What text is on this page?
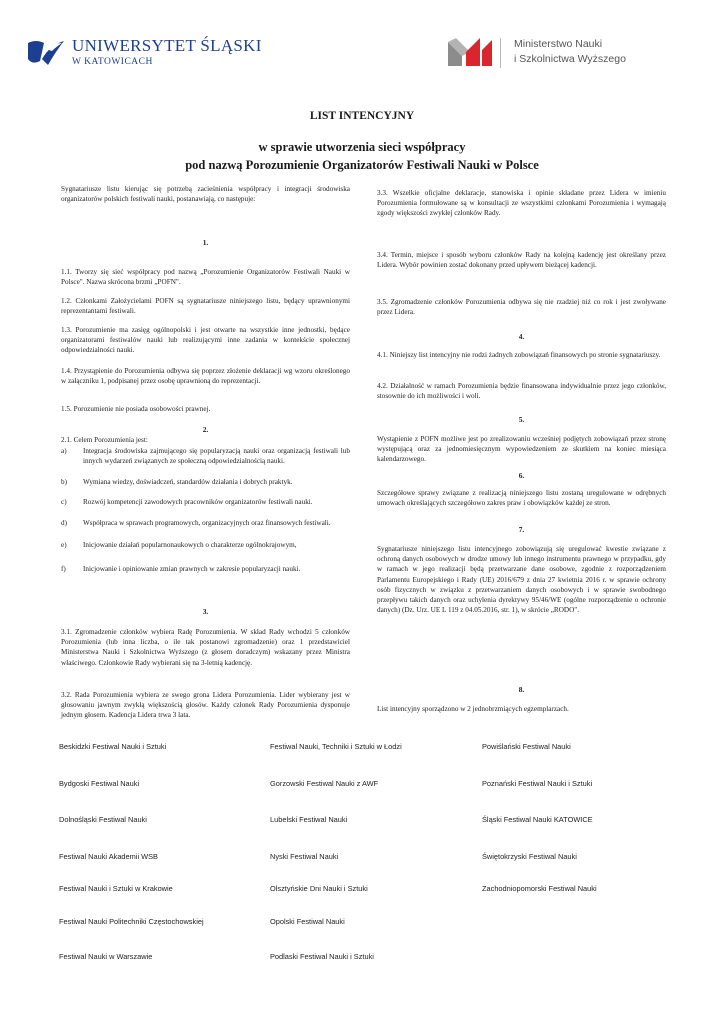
UNIWERSYTET ŚLĄSKI
W KATOWICACH
Ministerstwo Nauki
i Szkolnictwa Wyższego
LIST INTENCYJNY
w sprawie utworzenia sieci współpracy
pod nazwą Porozumienie Organizatorów Festiwali Nauki w Polsce

Sygnatariusze listu kierując się potrzebą zacieśnienia współpracy i integracji środowiska organizatorów polskich festiwali nauki, postanawiają, co następuje:

1.

1.1. Tworzy się sieć współpracy pod nazwą „Porozumienie Organizatorów Festiwali Nauki w Polsce". Nazwa skrócona brzmi „POFN".

1.2. Członkami Założycielami POFN są sygnatariusze niniejszego listu, będący uprawnionymi reprezentantami festiwali.

1.3. Porozumienie ma zasięg ogólnopolski i jest otwarte na wszystkie inne jednostki, będące organizatorami festiwalów nauki lub realizującymi inne zadania w kontekście społecznej odpowiedzialności nauki.

1.4. Przystąpienie do Porozumienia odbywa się poprzez złożenie deklaracji wg wzoru określonego w załączniku 1, podpisanej przez osobę uprawnioną do reprezentacji.

1.5. Porozumienie nie posiada osobowości prawnej.

2.

2.1. Celem Porozumienia jest:

a) Integracja środowiska zajmującego się popularyzacją nauki oraz organizacją festiwali lub innych wydarzeń związanych ze społeczną odpowiedzialnością nauki.

b) Wymiana wiedzy, doświadczeń, standardów działania i dobrych praktyk.

c) Rozwój kompetencji zawodowych pracowników organizatorów festiwali nauki.

d) Współpraca w sprawach programowych, organizacyjnych oraz finansowych festiwali.

e) Inicjowanie działań popularnonaukowych o charakterze ogólnokrajowym,

f) Inicjowanie i opiniowanie zmian prawnych w zakresie popularyzacji nauki.

3.

3.1. Zgromadzenie członków wybiera Radę Porozumienia. W skład Rady wchodzi 5 członków Porozumienia (lub inna liczba, o ile tak postanowi zgromadzenie) oraz 1 przedstawiciel Ministerstwa Nauki i Szkolnictwa Wyższego (z głosem doradczym) wskazany przez Ministra właściwego. Członkowie Rady wybierani się na 3-letnią kadencję.

3.2. Rada Porozumienia wybiera ze swego grona Lidera Porozumienia. Lider wybierany jest w głosowaniu jawnym zwykłą większością głosów. Każdy członek Rady Porozumienia dysponuje jednym głosem. Kadencja Lidera trwa 3 lata.

3.3. Wszelkie oficjalne deklaracje, stanowiska i opinie składane przez Lidera w imieniu Porozumienia formułowane są w konsultacji ze wszystkimi członkami Porozumienia i wymagają zgody większości zwykłej członków Rady.

3.4. Termin, miejsce i sposób wyboru członków Rady na kolejną kadencję jest określany przez Lidera. Wybór powinien zostać dokonany przed upływem bieżącej kadencji.

3.5. Zgromadzenie członków Porozumienia odbywa się nie rzadziej niż co rok i jest zwoływane przez Lidera.

4.

4.1. Niniejszy list intencyjny nie rodzi żadnych zobowiązań finansowych po stronie sygnatariuszy.

4.2. Działalność w ramach Porozumienia będzie finansowana indywidualnie przez jego członków, stosownie do ich możliwości i woli.

5.

Wystąpienie z POFN możliwe jest po zrealizowaniu wcześniej podjętych zobowiązań przez stronę występującą oraz za jednomiesięcznym wypowiedzeniem ze skutkiem na koniec miesiąca kalendarzowego.

6.

Szczegółowe sprawy związane z realizacją niniejszego listu zostaną uregulowane w odrębnych umowach określających szczegółowo zakres praw i obowiązków każdej ze stron.

7.

Sygnatariusze niniejszego listu intencyjnego zobowiązują się uregulować kwestie związane z ochroną danych osobowych w drodze umowy lub innego instrumentu prawnego w przypadku, gdy w ramach w jego realizacji będą przetwarzane dane osobowe, zgodnie z rozporządzeniem Parlamentu Europejskiego i Rady (UE) 2016/679 z dnia 27 kwietnia 2016 r. w sprawie ochrony osób fizycznych w związku z przetwarzaniem danych osobowych i w sprawie swobodnego przepływu takich danych oraz uchylenia dyrektywy 95/46/WE (ogólne rozporządzenie o ochronie danych) (Dz. Urz. UE L 119 z 04.05.2016, str. 1), w skrócie „RODO".

8.

List intencyjny sporządzono w 2 jednobrzmiących egzemplarzach.

Beskidzki Festiwal Nauki i Sztuki
Bydgoski Festiwal Nauki
Dolnośląski Festiwal Nauki
Festiwal Nauki Akademii WSB
Festiwal Nauki i Sztuki w Krakowie
Festiwal Nauki Politechniki Częstochowskiej
Festiwal Nauki w Warszawie
Festiwal Nauki, Techniki i Sztuki w Łodzi
Gorzowski Festiwal Nauki z AWF
Lubelski Festiwal Nauki
Nyski Festiwal Nauki
Olsztyńskie Dni Nauki i Sztuki
Opolski Festiwal Nauki
Podlaski Festiwal Nauki i Sztuki
Powiślański Festiwal Nauki
Poznański Festiwal Nauki i Sztuki
Śląski Festiwal Nauki KATOWICE
Świętokrzyski Festiwal Nauki
Zachodniopomorski Festiwal Nauki
